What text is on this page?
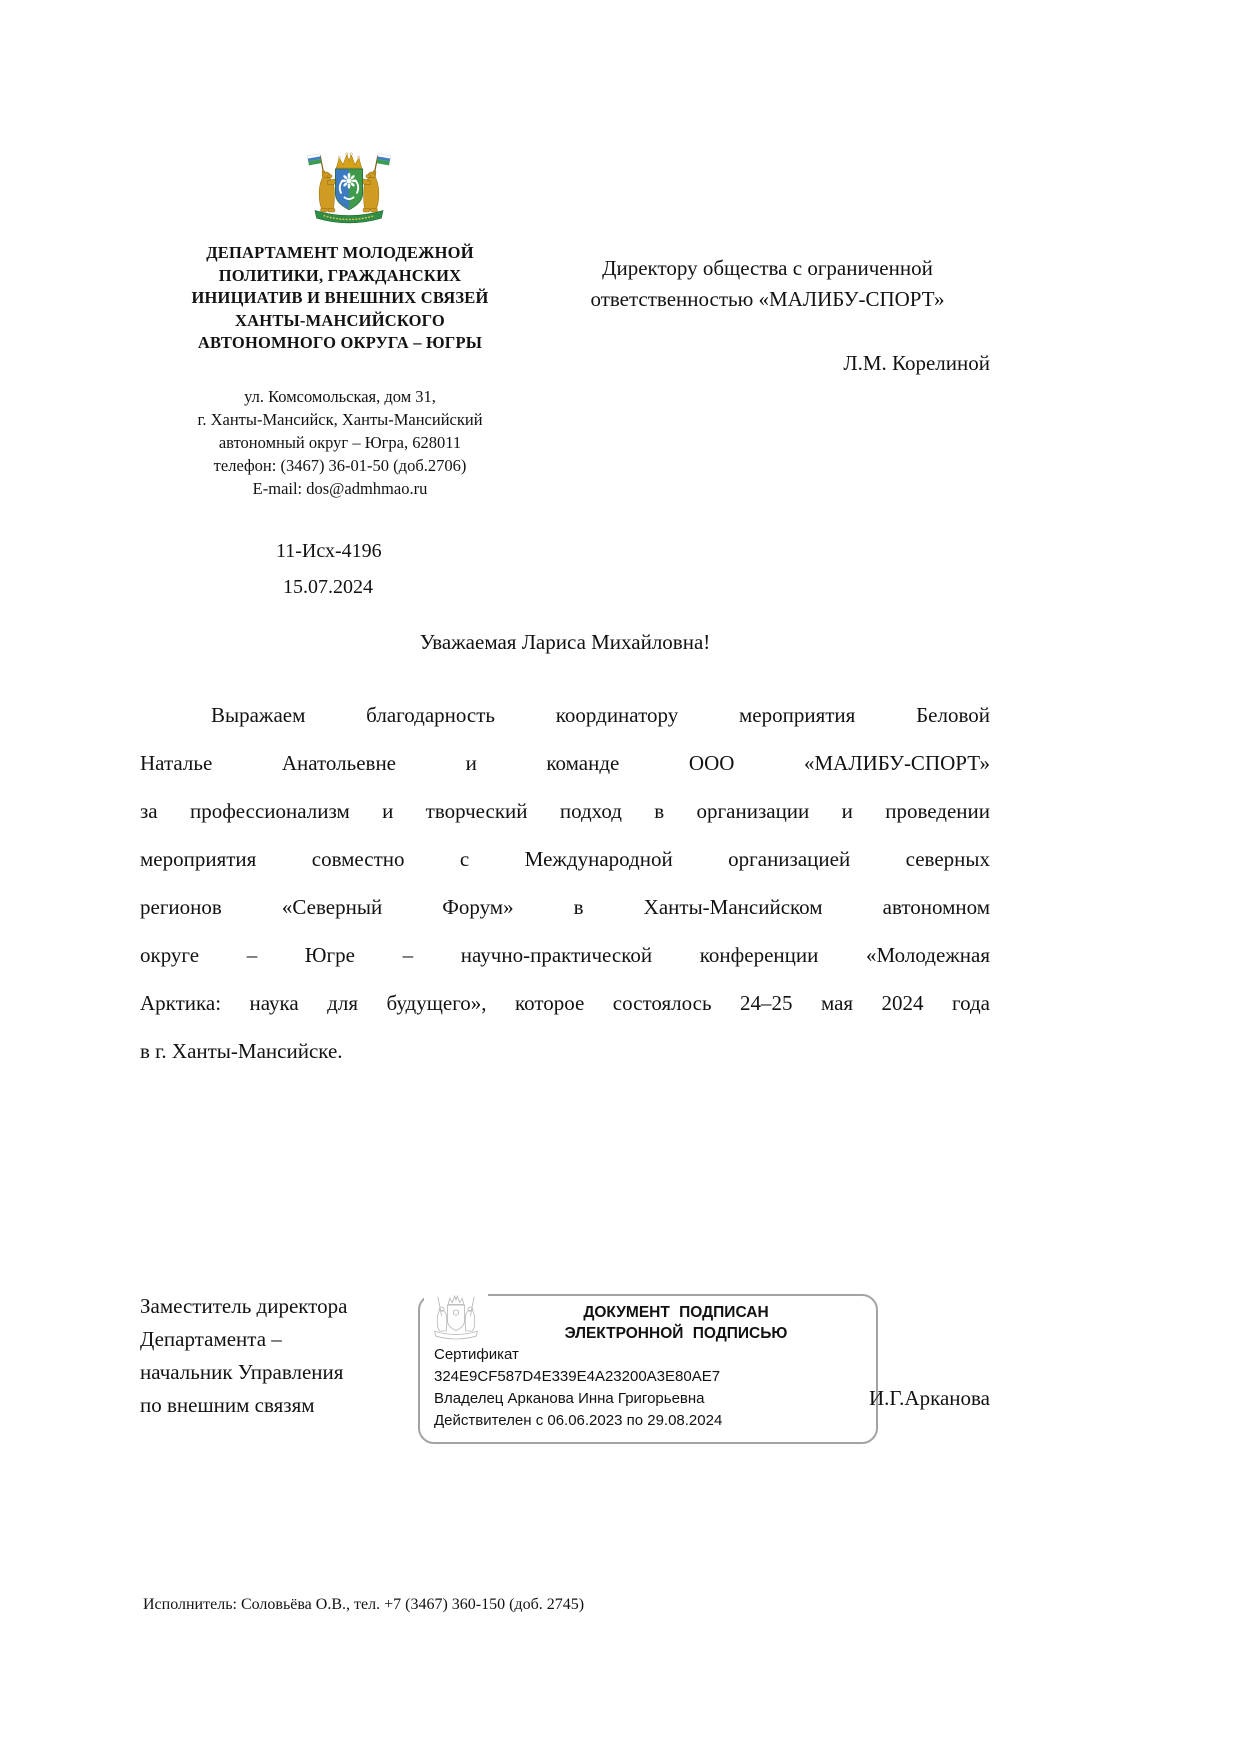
ДЕПАРТАМЕНТ МОЛОДЕЖНОЙ
ПОЛИТИКИ, ГРАЖДАНСКИХ
ИНИЦИАТИВ И ВНЕШНИХ СВЯЗЕЙ
ХАНТЫ-МАНСИЙСКОГО
АВТОНОМНОГО ОКРУГА – ЮГРЫ
ул. Комсомольская, дом 31,
г. Ханты-Мансийск, Ханты-Мансийский
автономный округ – Югра, 628011
телефон: (3467) 36-01-50 (доб.2706)
E-mail: dos@admhmao.ru
Директору общества с ограниченной
ответственностью «МАЛИБУ-СПОРТ»
Л.М. Корелиной
11-Исх-4196
15.07.2024
Уважаемая Лариса Михайловна!
Выражаем благодарность координатору мероприятия Беловой
Наталье Анатольевне и команде ООО «МАЛИБУ-СПОРТ»
за профессионализм и творческий подход в организации и проведении
мероприятия совместно с Международной организацией северных
регионов «Северный Форум» в Ханты-Мансийском автономном
округе – Югре – научно-практической конференции «Молодежная
Арктика: наука для будущего», которое состоялось 24–25 мая 2024 года
в г. Ханты-Мансийске.
Заместитель директора
Департамента –
начальник Управления
по внешним связям
ДОКУМЕНТ ПОДПИСАН
ЭЛЕКТРОННОЙ ПОДПИСЬЮ
Сертификат
324E9CF587D4E339E4A23200A3E80AE7
Владелец Арканова Инна Григорьевна
Действителен с 06.06.2023 по 29.08.2024
И.Г.Арканова
Исполнитель: Соловьёва О.В., тел. +7 (3467) 360-150 (доб. 2745)
